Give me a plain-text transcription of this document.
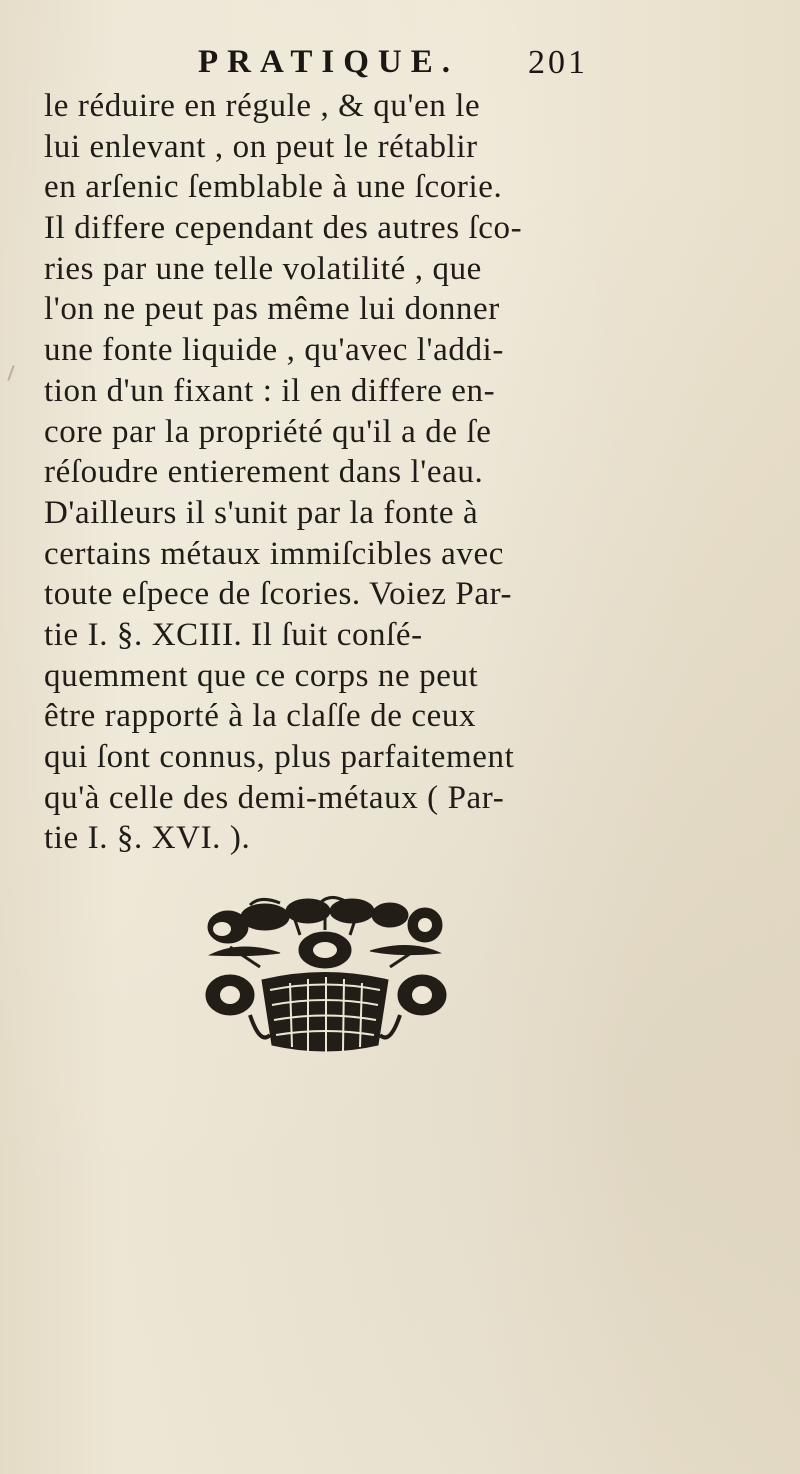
PRATIQUE. 201
le réduire en régule , & qu'en le
lui enlevant , on peut le rétablir
en arſenic ſemblable à une ſcorie.
Il differe cependant des autres ſco-
ries par une telle volatilité , que
l'on ne peut pas même lui donner
une fonte liquide , qu'avec l'addi-
tion d'un fixant : il en differe en-
core par la propriété qu'il a de ſe
réſoudre entierement dans l'eau.
D'ailleurs il s'unit par la fonte à
certains métaux immiſcibles avec
toute eſpece de ſcories. Voiez Par-
tie I. §. XCIII. Il ſuit conſé-
quemment que ce corps ne peut
être rapporté à la claſſe de ceux
qui ſont connus, plus parfaitement
qu'à celle des demi-métaux ( Par-
tie I. §. XVI. ).
